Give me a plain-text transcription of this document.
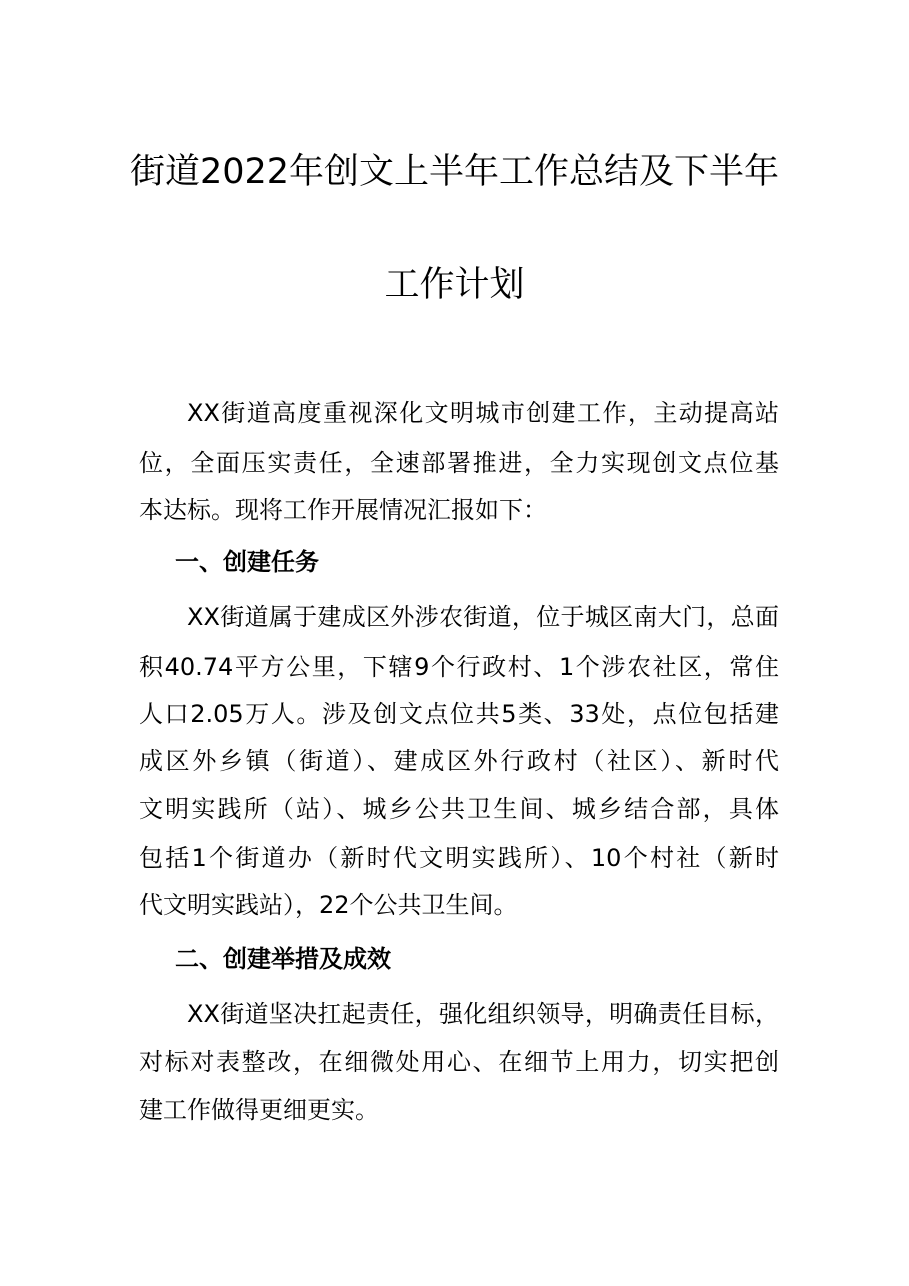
街道2022年创文上半年工作总结及下半年
工作计划
XX街道高度重视深化文明城市创建工作，主动提高站
位，全面压实责任，全速部署推进，全力实现创文点位基
本达标。现将工作开展情况汇报如下：
一、创建任务
XX街道属于建成区外涉农街道，位于城区南大门，总面
积40.74平方公里，下辖9个行政村、1个涉农社区，常住
人口2.05万人。涉及创文点位共5类、33处，点位包括建
成区外乡镇（街道）、建成区外行政村（社区）、新时代
文明实践所（站）、城乡公共卫生间、城乡结合部，具体
包括1个街道办（新时代文明实践所）、10个村社（新时
代文明实践站），22个公共卫生间。
二、创建举措及成效
XX街道坚决扛起责任，强化组织领导，明确责任目标，
对标对表整改，在细微处用心、在细节上用力，切实把创
建工作做得更细更实。
